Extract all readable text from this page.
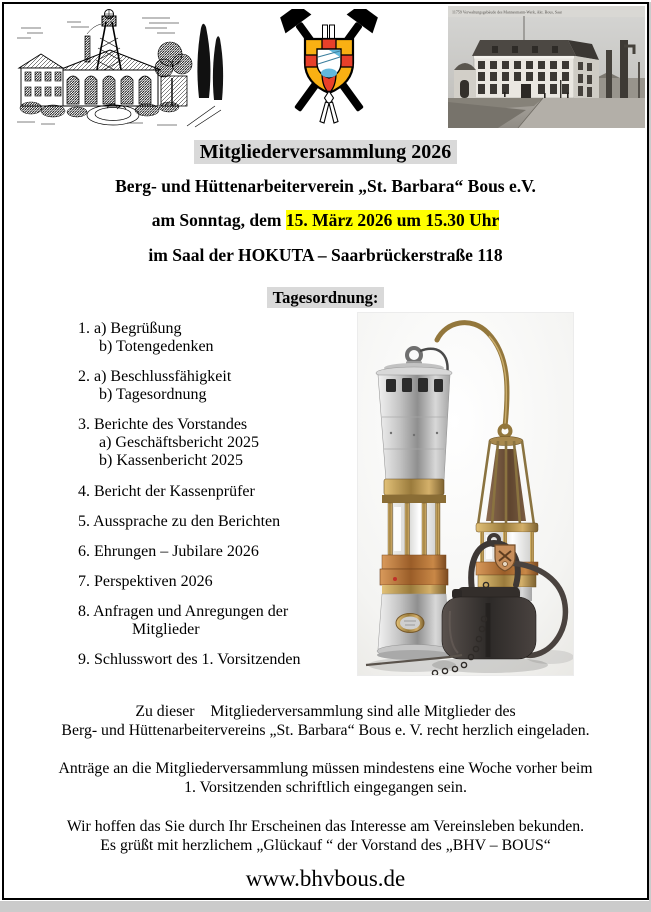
11759 Verwaltungsgebäude des Mannesmann-Werk, Akt. Bous, Saar
Mitgliederversammlung 2026
Berg- und Hüttenarbeiterverein „St. Barbara“ Bous e.V.
am Sonntag, dem 15. März 2026 um 15.30 Uhr
im Saal der HOKUTA – Saarbrückerstraße 118
Tagesordnung:
1. a) Begrüßung
b) Totengedenken
2. a) Beschlussfähigkeit
b) Tagesordnung
3. Berichte des Vorstandes
a) Geschäftsbericht 2025
b) Kassenbericht 2025
4. Bericht der Kassenprüfer
5. Aussprache zu den Berichten
6. Ehrungen – Jubilare 2026
7. Perspektiven 2026
8. Anfragen und Anregungen der
Mitglieder
9. Schlusswort des 1. Vorsitzenden
Zu dieser    Mitgliederversammlung sind alle Mitglieder des
Berg- und Hüttenarbeitervereins „St. Barbara“ Bous e. V. recht herzlich eingeladen.
Anträge an die Mitgliederversammlung müssen mindestens eine Woche vorher beim
1. Vorsitzenden schriftlich eingegangen sein.
Wir hoffen das Sie durch Ihr Erscheinen das Interesse am Vereinsleben bekunden.
Es grüßt mit herzlichem „Glückauf “ der Vorstand des „BHV – BOUS“
www.bhvbous.de
